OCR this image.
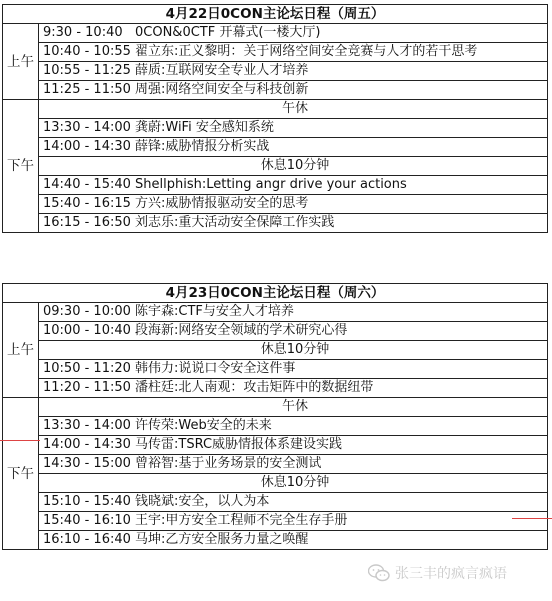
4月22日0CON主论坛日程（周五）	
上午	9:30 - 10:40 0CON&0CTF 开幕式(一楼大厅)
	10:40 - 10:55 翟立东:正义黎明：关于网络空间安全竞赛与人才的若干思考
	10:55 - 11:25 薛质:互联网安全专业人才培养
	11:25 - 11:50 周强:网络空间安全与科技创新
下午	午休
	13:30 - 14:00 龚蔚:WiFi 安全感知系统
	14:00 - 14:30 薛锋:威胁情报分析实战
	休息10分钟
	14:40 - 15:40 Shellphish:Letting angr drive your actions
	15:40 - 16:15 方兴:威胁情报驱动安全的思考
	16:15 - 16:50 刘志乐:重大活动安全保障工作实践
4月23日0CON主论坛日程（周六）	
上午	09:30 - 10:00 陈宇森:CTF与安全人才培养
	10:00 - 10:40 段海新:网络安全领域的学术研究心得
	休息10分钟
	10:50 - 11:20 韩伟力:说说口令安全这件事
	11:20 - 11:50 潘柱廷:北人南观：攻击矩阵中的数据纽带
下午	午休
	13:30 - 14:00 许传荣:Web安全的未来
	14:00 - 14:30 马传雷:TSRC威胁情报体系建设实践
	14:30 - 15:00 曾裕智:基于业务场景的安全测试
	休息10分钟
	15:10 - 15:40 钱晓斌:安全，以人为本
	15:40 - 16:10 王宇:甲方安全工程师不完全生存手册
	16:10 - 16:40 马坤:乙方安全服务力量之唤醒
张三丰的疯言疯语
